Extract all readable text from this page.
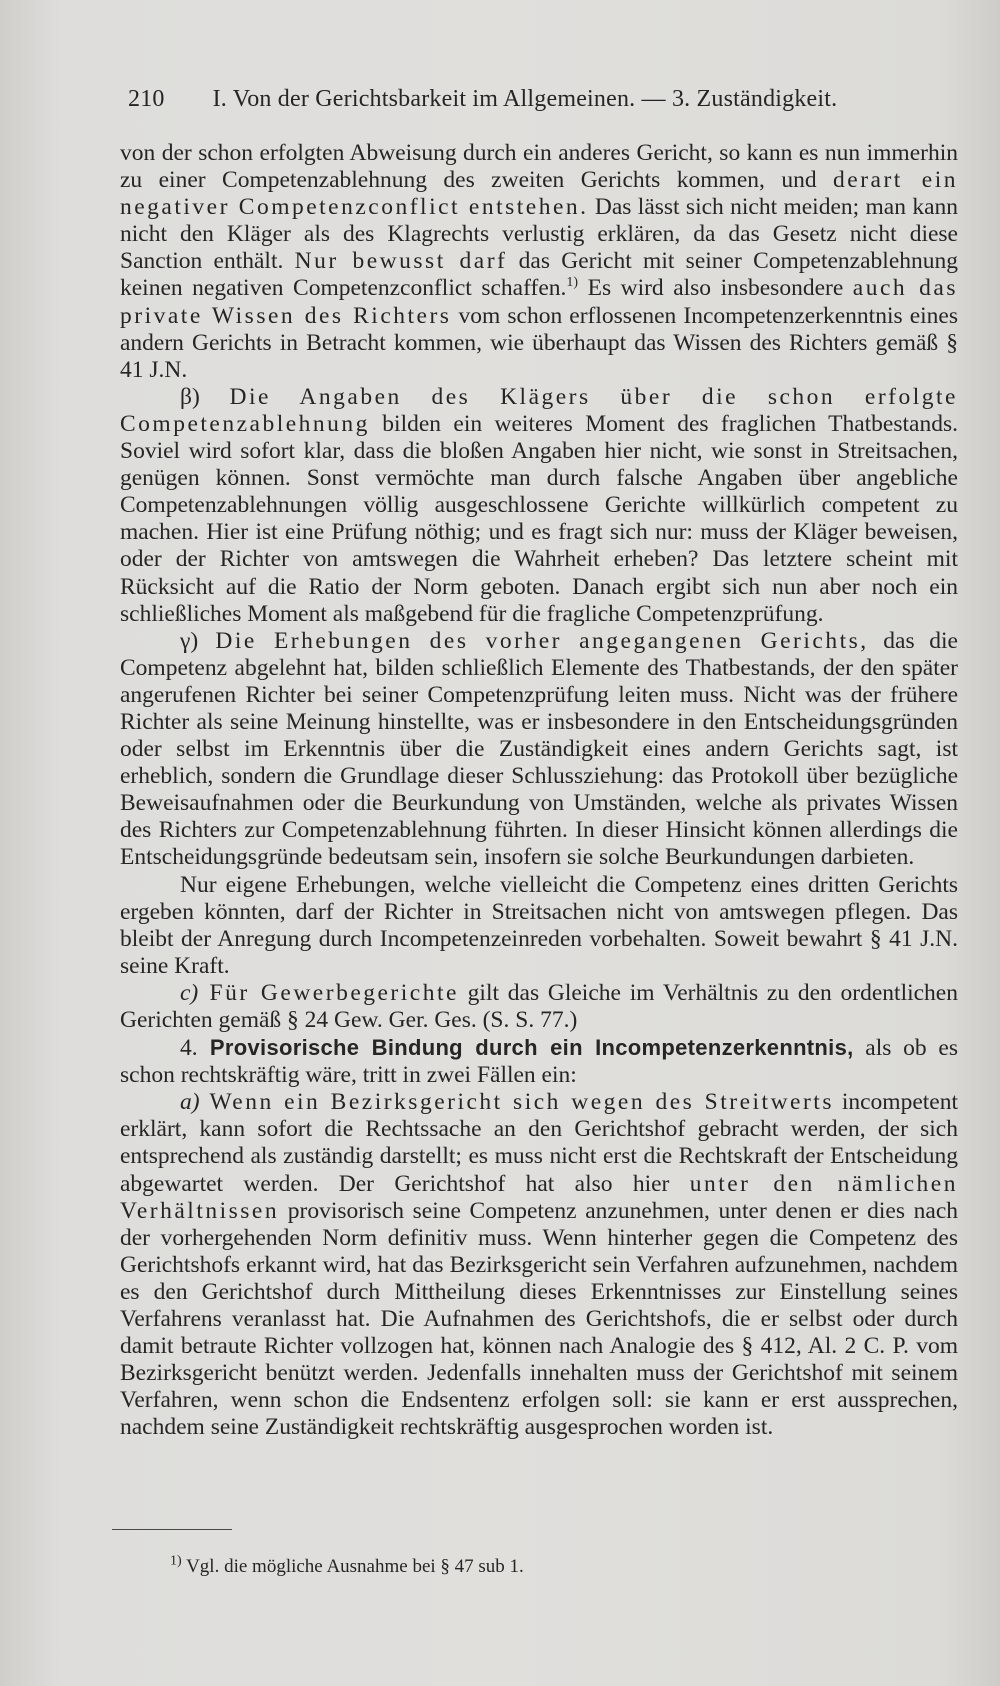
210 I. Von der Gerichtsbarkeit im Allgemeinen. — 3. Zuständigkeit.

von der schon erfolgten Abweisung durch ein anderes Gericht, so kann es nun immerhin zu einer Competenzablehnung des zweiten Gerichts kommen, und derart ein negativer Competenzconflict entstehen. Das lässt sich nicht meiden; man kann nicht den Kläger als des Klagrechts verlustig erklären, da das Gesetz nicht diese Sanction enthält. Nur bewusst darf das Gericht mit seiner Competenzablehnung keinen negativen Competenzconflict schaffen.$^{1)}$ Es wird also insbesondere auch das private Wissen des Richters vom schon erflossenen Incompetenzerkenntnis eines andern Gerichts in Betracht kommen, wie überhaupt das Wissen des Richters gemäß § 41 J.N.

β) Die Angaben des Klägers über die schon erfolgte Competenzablehnung bilden ein weiteres Moment des fraglichen Thatbestands. Soviel wird sofort klar, dass die bloßen Angaben hier nicht, wie sonst in Streitsachen, genügen können. Sonst vermöchte man durch falsche Angaben über angebliche Competenzablehnungen völlig ausgeschlossene Gerichte willkürlich competent zu machen. Hier ist eine Prüfung nöthig; und es fragt sich nur: muss der Kläger beweisen, oder der Richter von amtswegen die Wahrheit erheben? Das letztere scheint mit Rücksicht auf die Ratio der Norm geboten. Danach ergibt sich nun aber noch ein schließliches Moment als maßgebend für die fragliche Competenzprüfung.

γ) Die Erhebungen des vorher angegangenen Gerichts, das die Competenz abgelehnt hat, bilden schließlich Elemente des Thatbestands, der den später angerufenen Richter bei seiner Competenzprüfung leiten muss. Nicht was der frühere Richter als seine Meinung hinstellte, was er insbesondere in den Entscheidungsgründen oder selbst im Erkenntnis über die Zuständigkeit eines andern Gerichts sagt, ist erheblich, sondern die Grundlage dieser Schlussziehung: das Protokoll über bezügliche Beweisaufnahmen oder die Beurkundung von Umständen, welche als privates Wissen des Richters zur Competenzablehnung führten. In dieser Hinsicht können allerdings die Entscheidungsgründe bedeutsam sein, insofern sie solche Beurkundungen darbieten.

Nur eigene Erhebungen, welche vielleicht die Competenz eines dritten Gerichts ergeben könnten, darf der Richter in Streitsachen nicht von amtswegen pflegen. Das bleibt der Anregung durch Incompetenzeinreden vorbehalten. Soweit bewahrt § 41 J.N. seine Kraft.

c) Für Gewerbegerichte gilt das Gleiche im Verhältnis zu den ordentlichen Gerichten gemäß § 24 Gew. Ger. Ges. (S. S. 77.)

4. Provisorische Bindung durch ein Incompetenzerkenntnis, als ob es schon rechtskräftig wäre, tritt in zwei Fällen ein:

a) Wenn ein Bezirksgericht sich wegen des Streitwerts incompetent erklärt, kann sofort die Rechtssache an den Gerichtshof gebracht werden, der sich entsprechend als zuständig darstellt; es muss nicht erst die Rechtskraft der Entscheidung abgewartet werden. Der Gerichtshof hat also hier unter den nämlichen Verhältnissen provisorisch seine Competenz anzunehmen, unter denen er dies nach der vorhergehenden Norm definitiv muss. Wenn hinterher gegen die Competenz des Gerichtshofs erkannt wird, hat das Bezirksgericht sein Verfahren aufzunehmen, nachdem es den Gerichtshof durch Mittheilung dieses Erkenntnisses zur Einstellung seines Verfahrens veranlasst hat. Die Aufnahmen des Gerichtshofs, die er selbst oder durch damit betraute Richter vollzogen hat, können nach Analogie des § 412, Al. 2 C. P. vom Bezirksgericht benützt werden. Jedenfalls innehalten muss der Gerichtshof mit seinem Verfahren, wenn schon die Endsentenz erfolgen soll: sie kann er erst aussprechen, nachdem seine Zuständigkeit rechtskräftig ausgesprochen worden ist.

$^{1)}$ Vgl. die mögliche Ausnahme bei § 47 sub 1.
